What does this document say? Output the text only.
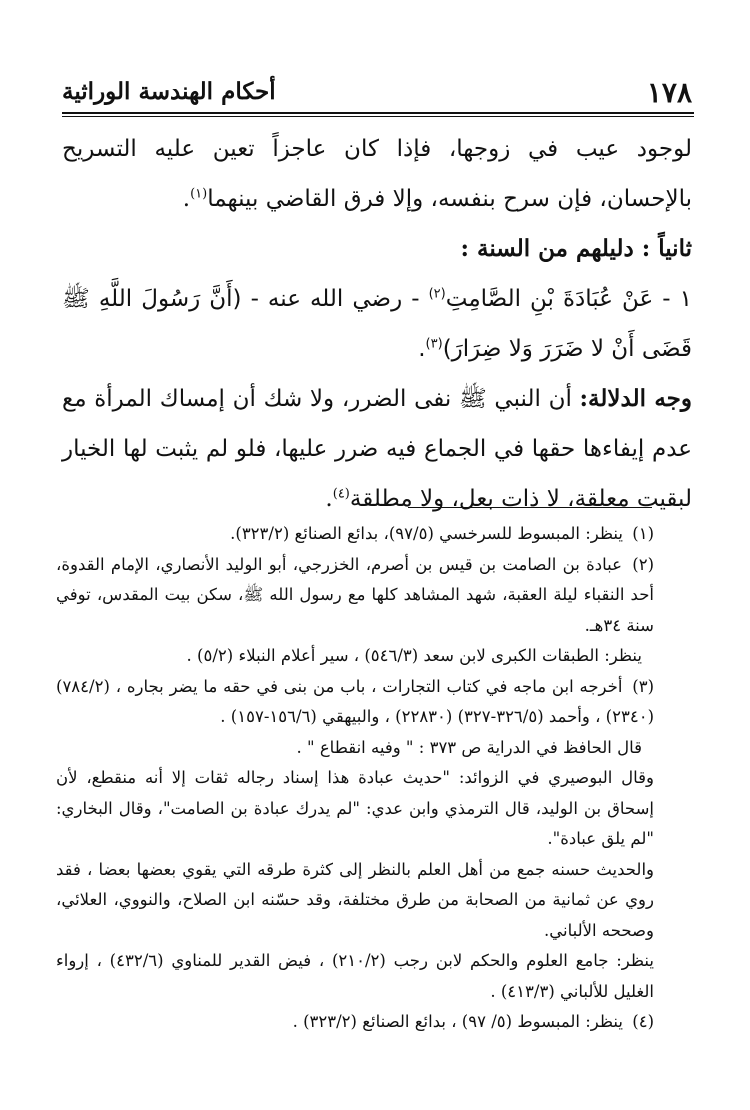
١٧٨
أحكام الهندسة الوراثية

لوجود عيب في زوجها، فإذا كان عاجزاً تعين عليه التسريح بالإحسان، فإن سرح بنفسه، وإلا فرق القاضي بينهما$^{(١)}$.

ثانياً : دليلهم من السنة :

١ - عَنْ عُبَادَةَ بْنِ الصَّامِتِ$^{(٢)}$ - رضي الله عنه - (أَنَّ رَسُولَ اللَّهِ ﷺ قَضَى أَنْ لا ضَرَرَ وَلا ضِرَارَ)$^{(٣)}$.

وجه الدلالة: أن النبي ﷺ نفى الضرر، ولا شك أن إمساك المرأة مع عدم إيفاءها حقها في الجماع فيه ضرر عليها، فلو لم يثبت لها الخيار لبقيت معلقة، لا ذات بعل، ولا مطلقة$^{(٤)}$.

(١) ينظر: المبسوط للسرخسي (٩٧/٥)، بدائع الصنائع (٣٢٣/٢).

(٢) عبادة بن الصامت بن قيس بن أصرم، الخزرجي، أبو الوليد الأنصاري، الإمام القدوة، أحد النقباء ليلة العقبة، شهد المشاهد كلها مع رسول الله ﷺ، سكن بيت المقدس، توفي سنة ٣٤هـ.

ينظر: الطبقات الكبرى لابن سعد (٥٤٦/٣) ، سير أعلام النبلاء (٥/٢) .

(٣) أخرجه ابن ماجه في كتاب التجارات ، باب من بنى في حقه ما يضر بجاره ، (٧٨٤/٢) (٢٣٤٠) ، وأحمد (٣٢٦/٥-٣٢٧) (٢٢٨٣٠) ، والبيهقي (١٥٦/٦-١٥٧) .

قال الحافظ في الدراية ص ٣٧٣ : " وفيه انقطاع " .

وقال البوصيري في الزوائد: "حديث عبادة هذا إسناد رجاله ثقات إلا أنه منقطع، لأن إسحاق بن الوليد، قال الترمذي وابن عدي: "لم يدرك عبادة بن الصامت"، وقال البخاري: "لم يلق عبادة".

والحديث حسنه جمع من أهل العلم بالنظر إلى كثرة طرقه التي يقوي بعضها بعضا ، فقد روي عن ثمانية من الصحابة من طرق مختلفة، وقد حسّنه ابن الصلاح، والنووي، العلائي، وصححه الألباني.

ينظر: جامع العلوم والحكم لابن رجب (٢١٠/٢) ، فيض القدير للمناوي (٤٣٢/٦) ، إرواء الغليل للألباني (٤١٣/٣) .

(٤) ينظر: المبسوط (٥/ ٩٧) ، بدائع الصنائع (٣٢٣/٢) .
